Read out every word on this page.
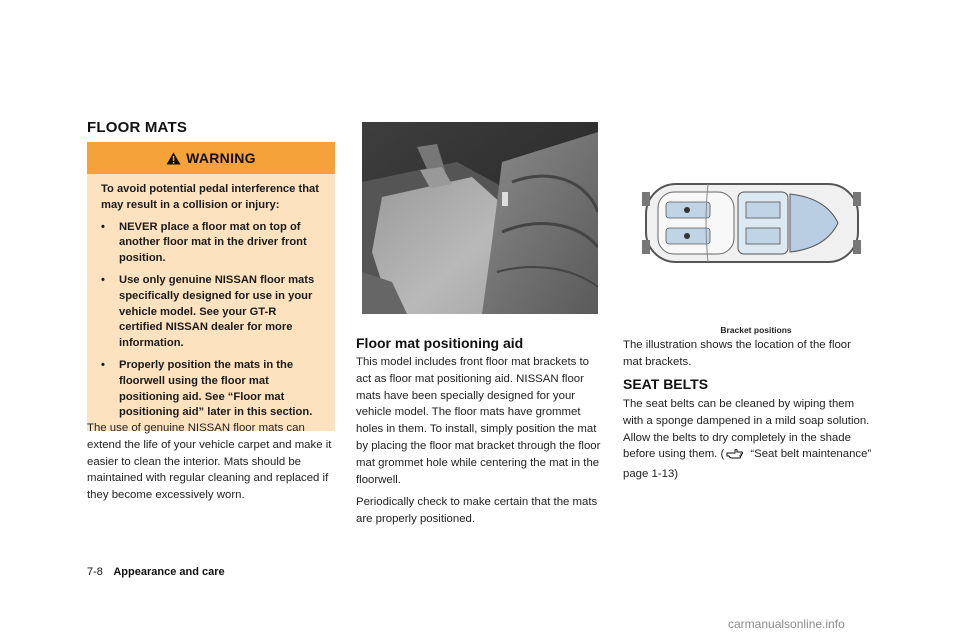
FLOOR MATS
WARNING
To avoid potential pedal interference that may result in a collision or injury:
•	NEVER place a floor mat on top of another floor mat in the driver front position.
•	Use only genuine NISSAN floor mats specifically designed for use in your vehicle model. See your GT-R certified NISSAN dealer for more information.
•	Properly position the mats in the floorwell using the floor mat positioning aid. See “Floor mat positioning aid” later in this section.

The use of genuine NISSAN floor mats can extend the life of your vehicle carpet and make it easier to clean the interior. Mats should be maintained with regular cleaning and replaced if they become excessively worn.

Floor mat positioning aid

This model includes front floor mat brackets to act as floor mat positioning aid. NISSAN floor mats have been specially designed for your vehicle model. The floor mats have grommet holes in them. To install, simply position the mat by placing the floor mat bracket through the floor mat grommet hole while centering the mat in the floorwell.

Periodically check to make certain that the mats are properly positioned.

Bracket positions

The illustration shows the location of the floor mat brackets.

SEAT BELTS

The seat belts can be cleaned by wiping them with a sponge dampened in a mild soap solution. Allow the belts to dry completely in the shade before using them. ( “Seat belt maintenance” page 1-13)

7-8 Appearance and care
carmanualsonline.info
